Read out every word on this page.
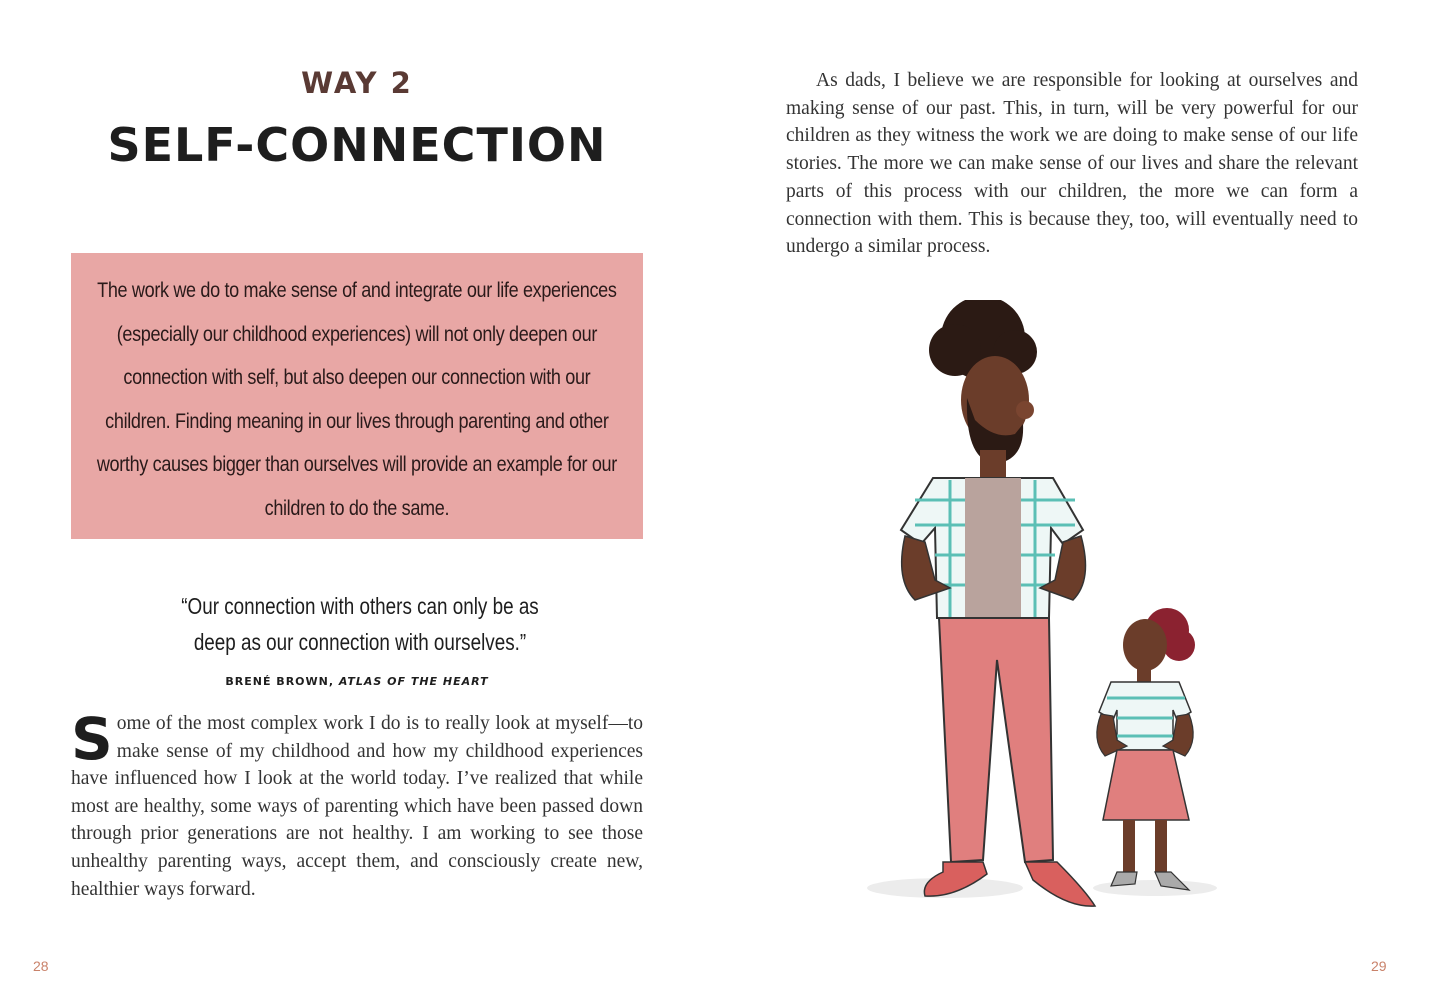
WAY 2
SELF-CONNECTION

The work we do to make sense of and integrate our life experiences (especially our childhood experiences) will not only deepen our connection with self, but also deepen our connection with our children. Finding meaning in our lives through parenting and other worthy causes bigger than ourselves will provide an example for our children to do the same.

“Our connection with others can only be as
deep as our connection with ourselves.”
BRENÉ BROWN, ATLAS OF THE HEART
Some of the most complex work I do is to really look at myself—to make sense of my childhood and how my childhood experiences have influenced how I look at the world today. I’ve realized that while most are healthy, some ways of parenting which have been passed down through prior generations are not healthy. I am working to see those unhealthy parenting ways, accept them, and consciously create new, healthier ways forward.
28

As dads, I believe we are responsible for looking at ourselves and making sense of our past. This, in turn, will be very powerful for our children as they witness the work we are doing to make sense of our life stories. The more we can make sense of our lives and share the relevant parts of this process with our children, the more we can form a connection with them. This is because they, too, will eventually need to undergo a similar process.

29
